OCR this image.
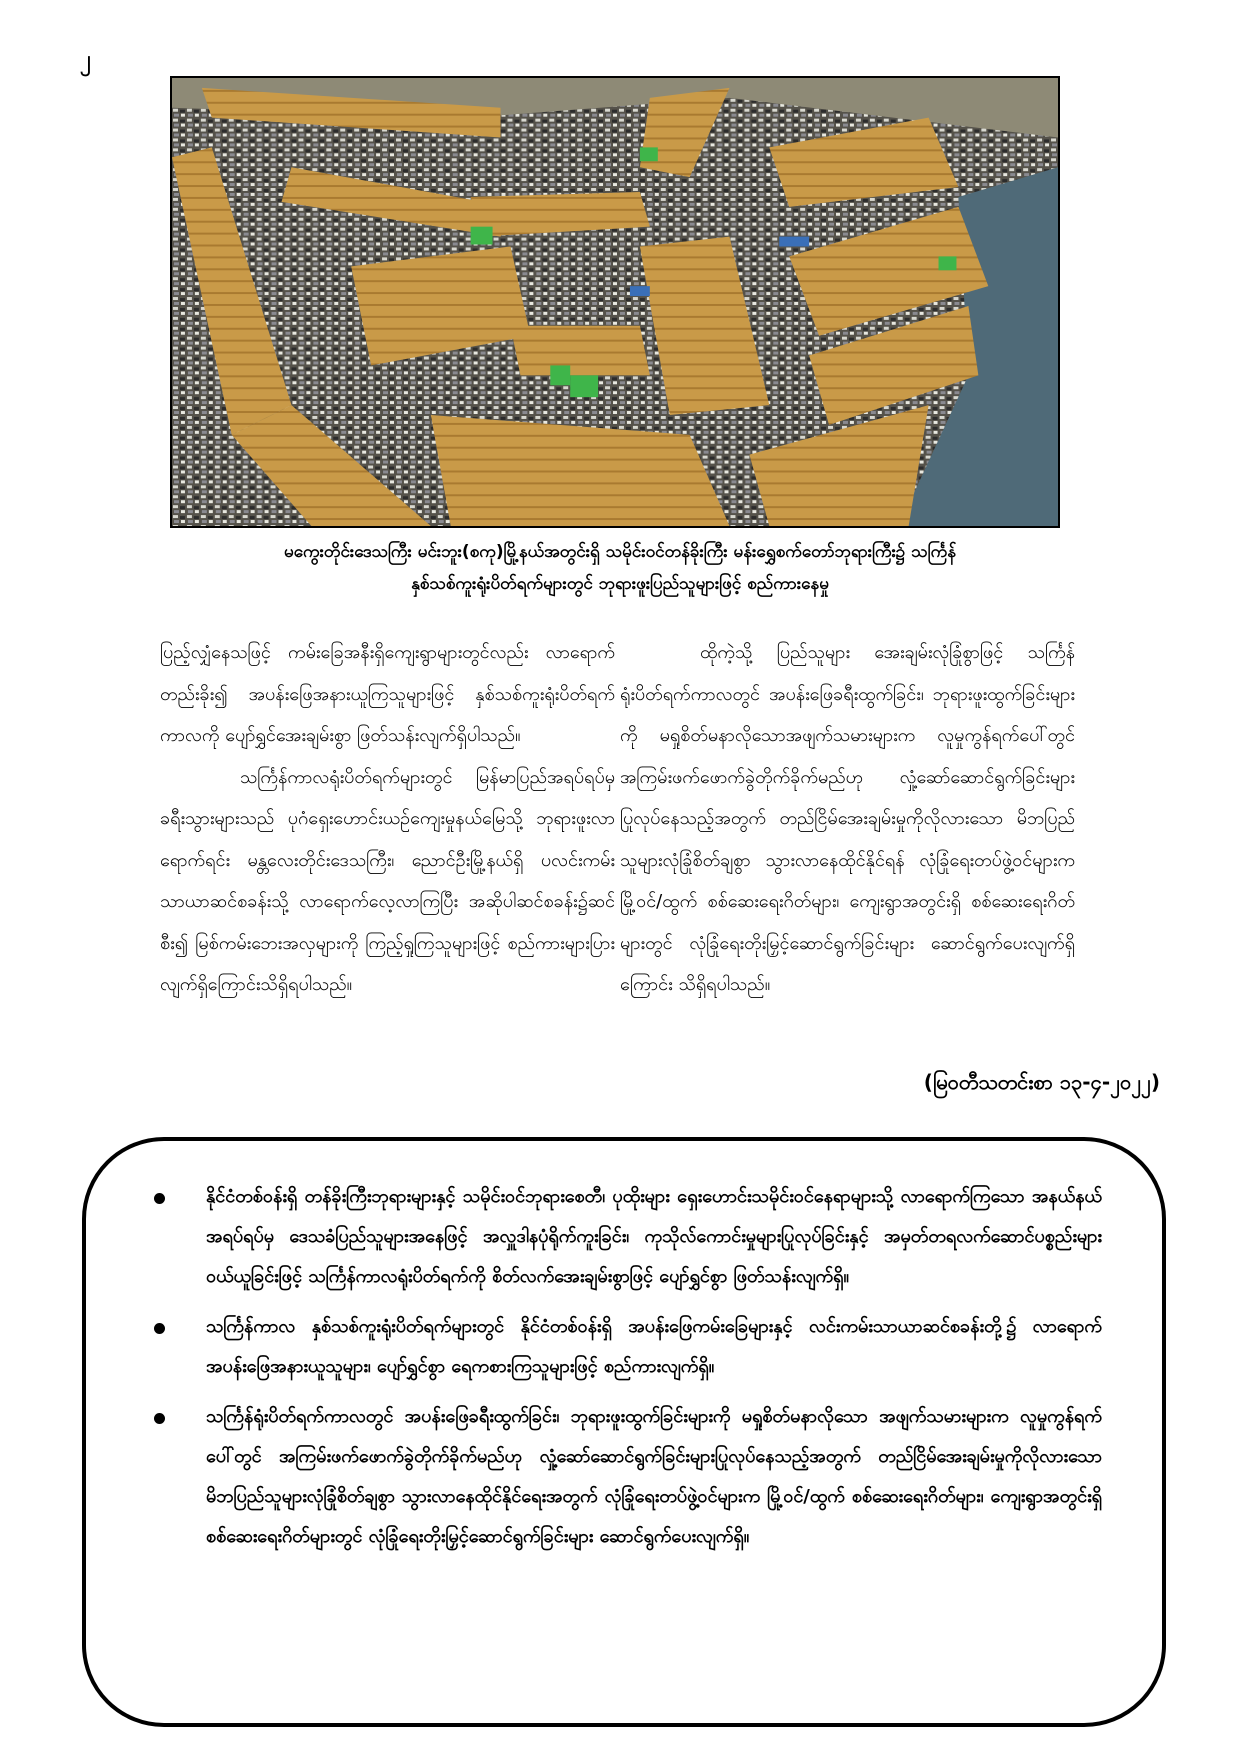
၂
မကွေးတိုင်းဒေသကြီး မင်းဘူး(စကု)မြို့နယ်အတွင်းရှိ သမိုင်းဝင်တန်ခိုးကြီး မန်းရွှေစက်တော်ဘုရားကြီး၌ သင်္ကြန်
နှစ်သစ်ကူးရုံးပိတ်ရက်များတွင် ဘုရားဖူးပြည်သူများဖြင့် စည်ကားနေမှု

ပြည့်လျှံနေသဖြင့် ကမ်းခြေအနီးရှိကျေးရွာများတွင်လည်း လာရောက်တည်းခိုး၍ အပန်းဖြေအနားယူကြသူများဖြင့် နှစ်သစ်ကူးရုံးပိတ်ရက်ကာလကို ပျော်ရွှင်အေးချမ်းစွာ ဖြတ်သန်းလျက်ရှိပါသည်။

သင်္ကြန်ကာလရုံးပိတ်ရက်များတွင် မြန်မာပြည်အရပ်ရပ်မှ ခရီးသွားများသည် ပုဂံရှေးဟောင်းယဉ်ကျေးမှုနယ်မြေသို့ ဘုရားဖူးလာရောက်ရင်း မန္တလေးတိုင်းဒေသကြီး၊ ညောင်ဦးမြို့နယ်ရှိ ပလင်းကမ်းသာယာဆင်စခန်းသို့ လာရောက်လေ့လာကြပြီး အဆိုပါဆင်စခန်း၌ဆင်စီး၍ မြစ်ကမ်းဘေးအလှများကို ကြည့်ရှုကြသူများဖြင့် စည်ကားများပြားလျက်ရှိကြောင်းသိရှိရပါသည်။

ထိုကဲ့သို့ ပြည်သူများ အေးချမ်းလုံခြုံစွာဖြင့် သင်္ကြန်ရုံးပိတ်ရက်ကာလတွင် အပန်းဖြေခရီးထွက်ခြင်း၊ ဘုရားဖူးထွက်ခြင်းများကို မရှုစိတ်မနာလိုသောအဖျက်သမားများက လူမှုကွန်ရက်ပေါ်တွင် အကြမ်းဖက်ဖောက်ခွဲတိုက်ခိုက်မည်ဟု လှုံ့ဆော်ဆောင်ရွက်ခြင်းများပြုလုပ်နေသည့်အတွက် တည်ငြိမ်အေးချမ်းမှုကိုလိုလားသော မိဘပြည်သူများလုံခြုံစိတ်ချစွာ သွားလာနေထိုင်နိုင်ရန် လုံခြုံရေးတပ်ဖွဲ့ဝင်များက မြို့ဝင်/ထွက် စစ်ဆေးရေးဂိတ်များ၊ ကျေးရွာအတွင်းရှိ စစ်ဆေးရေးဂိတ်များတွင် လုံခြုံရေးတိုးမြှင့်ဆောင်ရွက်ခြင်းများ ဆောင်ရွက်ပေးလျက်ရှိကြောင်း သိရှိရပါသည်။

(မြဝတီသတင်းစာ ၁၃-၄-၂၀၂၂)
နိုင်ငံတစ်ဝန်းရှိ တန်ခိုးကြီးဘုရားများနှင့် သမိုင်းဝင်ဘုရားစေတီ၊ ပုထိုးများ ရှေးဟောင်းသမိုင်းဝင်နေရာများသို့ လာရောက်ကြသော အနယ်နယ်အရပ်ရပ်မှ ဒေသခံပြည်သူများအနေဖြင့် အလှူဒါနပုံရိုက်ကူးခြင်း၊ ကုသိုလ်ကောင်းမှုများပြုလုပ်ခြင်းနှင့် အမှတ်တရလက်ဆောင်ပစ္စည်းများဝယ်ယူခြင်းဖြင့် သင်္ကြန်ကာလရုံးပိတ်ရက်ကို စိတ်လက်အေးချမ်းစွာဖြင့် ပျော်ရွှင်စွာ ဖြတ်သန်းလျက်ရှိ။
သင်္ကြန်ကာလ နှစ်သစ်ကူးရုံးပိတ်ရက်များတွင် နိုင်ငံတစ်ဝန်းရှိ အပန်းဖြေကမ်းခြေများနှင့် လင်းကမ်းသာယာဆင်စခန်းတို့၌ လာရောက်အပန်းဖြေအနားယူသူများ၊ ပျော်ရွှင်စွာ ရေကစားကြသူများဖြင့် စည်ကားလျက်ရှိ။
သင်္ကြန်ရုံးပိတ်ရက်ကာလတွင် အပန်းဖြေခရီးထွက်ခြင်း၊ ဘုရားဖူးထွက်ခြင်းများကို မရှုစိတ်မနာလိုသော အဖျက်သမားများက လူမှုကွန်ရက်ပေါ်တွင် အကြမ်းဖက်ဖောက်ခွဲတိုက်ခိုက်မည်ဟု လှုံ့ဆော်ဆောင်ရွက်ခြင်းများပြုလုပ်နေသည့်အတွက် တည်ငြိမ်အေးချမ်းမှုကိုလိုလားသော မိဘပြည်သူများလုံခြုံစိတ်ချစွာ သွားလာနေထိုင်နိုင်ရေးအတွက် လုံခြုံရေးတပ်ဖွဲ့ဝင်များက မြို့ဝင်/ထွက် စစ်ဆေးရေးဂိတ်များ၊ ကျေးရွာအတွင်းရှိ စစ်ဆေးရေးဂိတ်များတွင် လုံခြုံရေးတိုးမြှင့်ဆောင်ရွက်ခြင်းများ ဆောင်ရွက်ပေးလျက်ရှိ။
